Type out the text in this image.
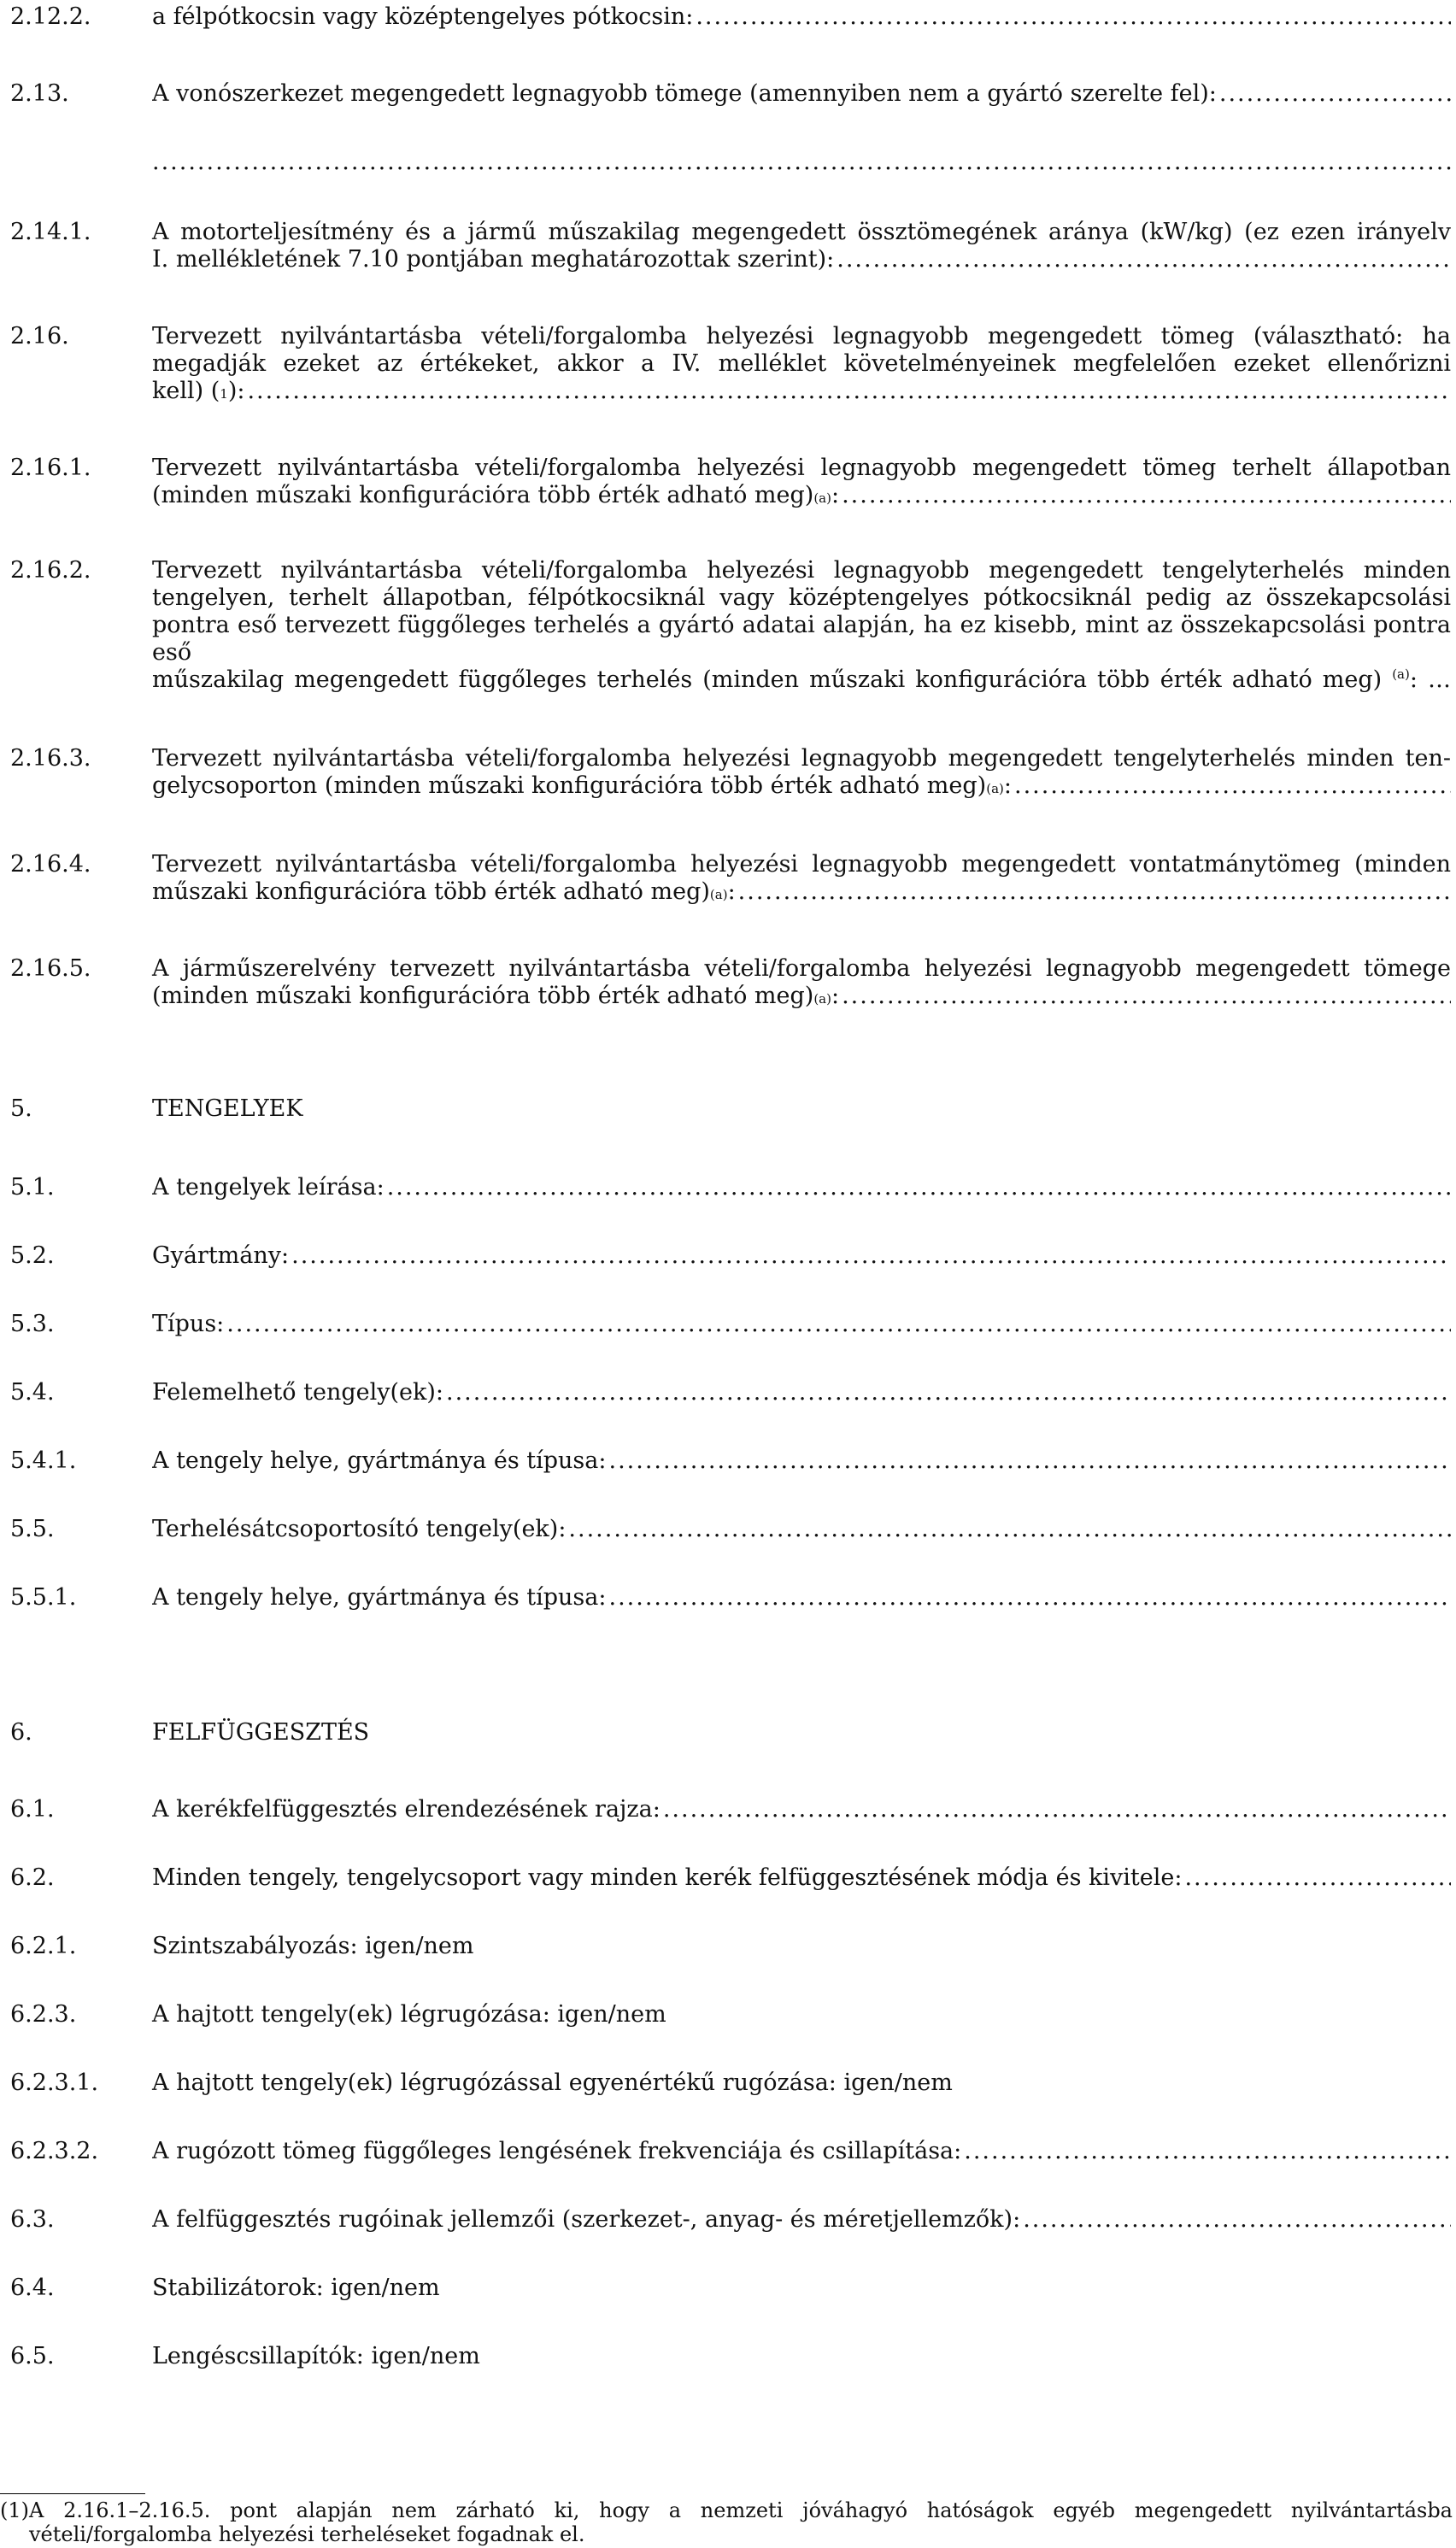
2.12.2.	a félpótkocsin vagy középtengelyes pótkocsin:
.....
2.13.	A vonószerkezet megengedett legnagyobb tömege (amennyiben nem a gyártó szerelte fel):
.....
.....
2.14.1.	A motorteljesítmény és a jármű műszakilag megengedett össztömegének aránya (kW/kg) (ez ezen irányelv
I. mellékletének 7.10 pontjában meghatározottak szerint):
.....
2.16.	Tervezett nyilvántartásba vételi/forgalomba helyezési legnagyobb megengedett tömeg (választható: ha megadják ezeket az értékeket, akkor a IV. melléklet követelményeinek megfelelően ezeket ellenőrizni
kell) ( 1 ):
.....
2.16.1.	Tervezett nyilvántartásba vételi/forgalomba helyezési legnagyobb megengedett tömeg terhelt állapotban
(minden műszaki konfigurációra több érték adható meg) (a) :
.....
2.16.2.	Tervezett nyilvántartásba vételi/forgalomba helyezési legnagyobb megengedett tengelyterhelés minden tengelyen, terhelt állapotban, félpótkocsiknál vagy középtengelyes pótkocsiknál pedig az összekapcsolási pontra eső tervezett függőleges terhelés a gyártó adatai alapján, ha ez kisebb, mint az összekapcsolási pontra eső
műszakilag megengedett függőleges terhelés (minden műszaki konfigurációra több érték adható meg) $^{(a)}$: …
2.16.3.	Tervezett nyilvántartásba vételi/forgalomba helyezési legnagyobb megengedett tengelyterhelés minden ten-
gelycsoporton (minden műszaki konfigurációra több érték adható meg) (a) :
.....
2.16.4.	Tervezett nyilvántartásba vételi/forgalomba helyezési legnagyobb megengedett vontatmánytömeg (minden
műszaki konfigurációra több érték adható meg) (a) :
.....
2.16.5.	A járműszerelvény tervezett nyilvántartásba vételi/forgalomba helyezési legnagyobb megengedett tömege
(minden műszaki konfigurációra több érték adható meg) (a) :
.....
5.	TENGELYEK
5.1.	A tengelyek leírása:
.....
5.2.	Gyártmány:
.....
5.3.	Típus:
.....
5.4.	Felemelhető tengely(ek):
.....
5.4.1.	A tengely helye, gyártmánya és típusa:
.....
5.5.	Terhelésátcsoportosító tengely(ek):
.....
5.5.1.	A tengely helye, gyártmánya és típusa:
.....
6.	FELFÜGGESZTÉS
6.1.	A kerékfelfüggesztés elrendezésének rajza:
.....
6.2.	Minden tengely, tengelycsoport vagy minden kerék felfüggesztésének módja és kivitele:
.....
6.2.1.	Szintszabályozás: igen/nem
6.2.3.	A hajtott tengely(ek) légrugózása: igen/nem
6.2.3.1. A hajtott tengely(ek) légrugózással egyenértékű rugózása: igen/nem
6.2.3.2. A rugózott tömeg függőleges lengésének frekvenciája és csillapítása:
.....
6.3.	A felfüggesztés rugóinak jellemzői (szerkezet-, anyag- és méretjellemzők):
.....
6.4.	Stabilizátorok: igen/nem
6.5.	Lengéscsillapítók: igen/nem
(1) A 2.16.1–2.16.5. pont alapján nem zárható ki, hogy a nemzeti jóváhagyó hatóságok egyéb megengedett nyilvántartásba vételi/forgalomba helyezési terheléseket fogadnak el.
